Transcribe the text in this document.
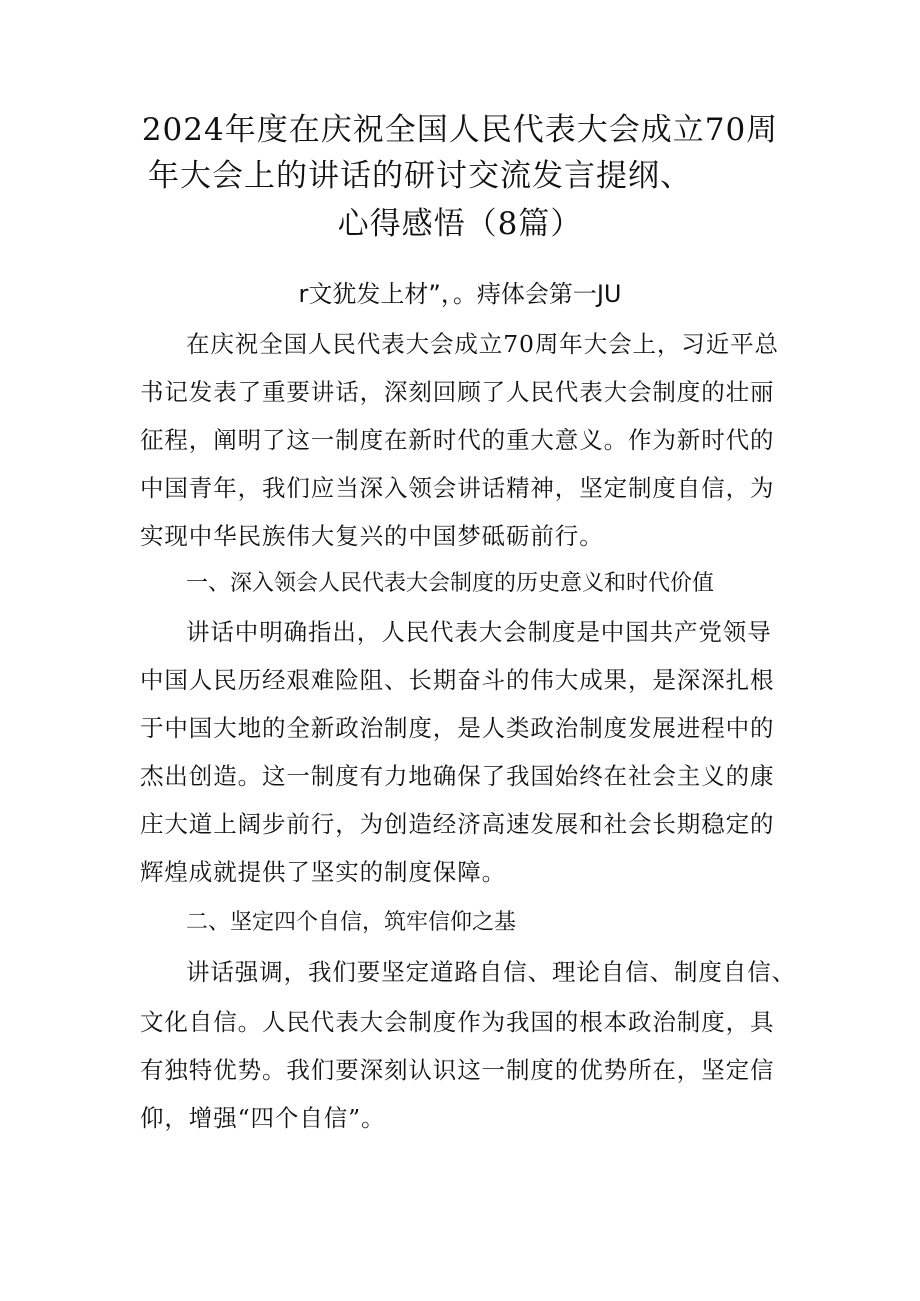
2024年度在庆祝全国人民代表大会成立70周
年大会上的讲话的研讨交流发言提纲、
心得感悟（8篇）
r文犹发上材”，。痔体会第一JU
在庆祝全国人民代表大会成立70周年大会上，习近平总
书记发表了重要讲话，深刻回顾了人民代表大会制度的壮丽
征程，阐明了这一制度在新时代的重大意义。作为新时代的
中国青年，我们应当深入领会讲话精神，坚定制度自信，为
实现中华民族伟大复兴的中国梦砥砺前行。
一、深入领会人民代表大会制度的历史意义和时代价值
讲话中明确指出，人民代表大会制度是中国共产党领导
中国人民历经艰难险阻、长期奋斗的伟大成果，是深深扎根
于中国大地的全新政治制度，是人类政治制度发展进程中的
杰出创造。这一制度有力地确保了我国始终在社会主义的康
庄大道上阔步前行，为创造经济高速发展和社会长期稳定的
辉煌成就提供了坚实的制度保障。
二、坚定四个自信，筑牢信仰之基
讲话强调，我们要坚定道路自信、理论自信、制度自信、
文化自信。人民代表大会制度作为我国的根本政治制度，具
有独特优势。我们要深刻认识这一制度的优势所在，坚定信
仰，增强“四个自信”。
